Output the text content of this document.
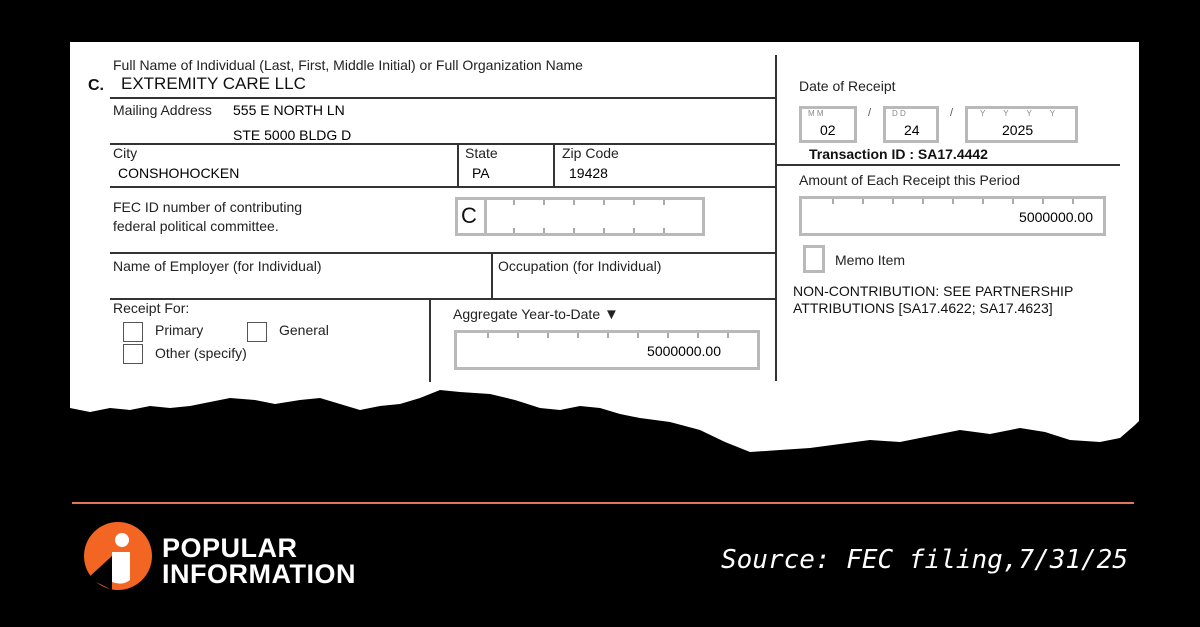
Full Name of Individual (Last, First, Middle Initial) or Full Organization Name
C. EXTREMITY CARE LLC
Mailing Address 555 E NORTH LN
STE 5000 BLDG D
City
CONSHOHOCKEN
State
PA
Zip Code
19428
FEC ID number of contributing
federal political committee.	C
Name of Employer (for Individual)	Occupation (for Individual)
Receipt For:
Primary	General
Other (specify)
Aggregate Year-to-Date ▼
5000000.00
Date of Receipt
M M
02
/	D D
24
/	Y Y Y Y
2025
Transaction ID : SA17.4442
Amount of Each Receipt this Period
5000000.00
Memo Item
NON-CONTRIBUTION: SEE PARTNERSHIP
ATTRIBUTIONS [SA17.4622; SA17.4623]
POPULAR
INFORMATION	Source: FEC filing,7/31/25
